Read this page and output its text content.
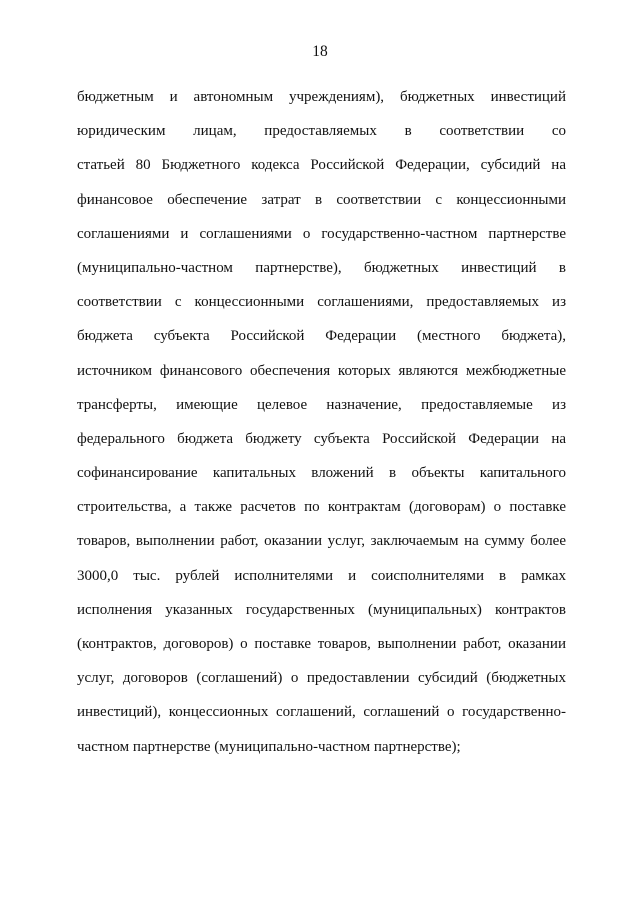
18
бюджетным и автономным учреждениям), бюджетных инвестиций
юридическим лицам, предоставляемых в соответствии со
статьей 80 Бюджетного кодекса Российской Федерации, субсидий на
финансовое обеспечение затрат в соответствии с концессионными
соглашениями и соглашениями о государственно-частном партнерстве
(муниципально-частном партнерстве), бюджетных инвестиций в
соответствии с концессионными соглашениями, предоставляемых из
бюджета субъекта Российской Федерации (местного бюджета),
источником финансового обеспечения которых являются межбюджетные
трансферты, имеющие целевое назначение, предоставляемые из
федерального бюджета бюджету субъекта Российской Федерации на
софинансирование капитальных вложений в объекты капитального
строительства, а также расчетов по контрактам (договорам) о поставке
товаров, выполнении работ, оказании услуг, заключаемым на сумму более
3000,0 тыс. рублей исполнителями и соисполнителями в рамках
исполнения указанных государственных (муниципальных) контрактов
(контрактов, договоров) о поставке товаров, выполнении работ, оказании
услуг, договоров (соглашений) о предоставлении субсидий (бюджетных
инвестиций), концессионных соглашений, соглашений о государственно-
частном партнерстве (муниципально-частном партнерстве);
